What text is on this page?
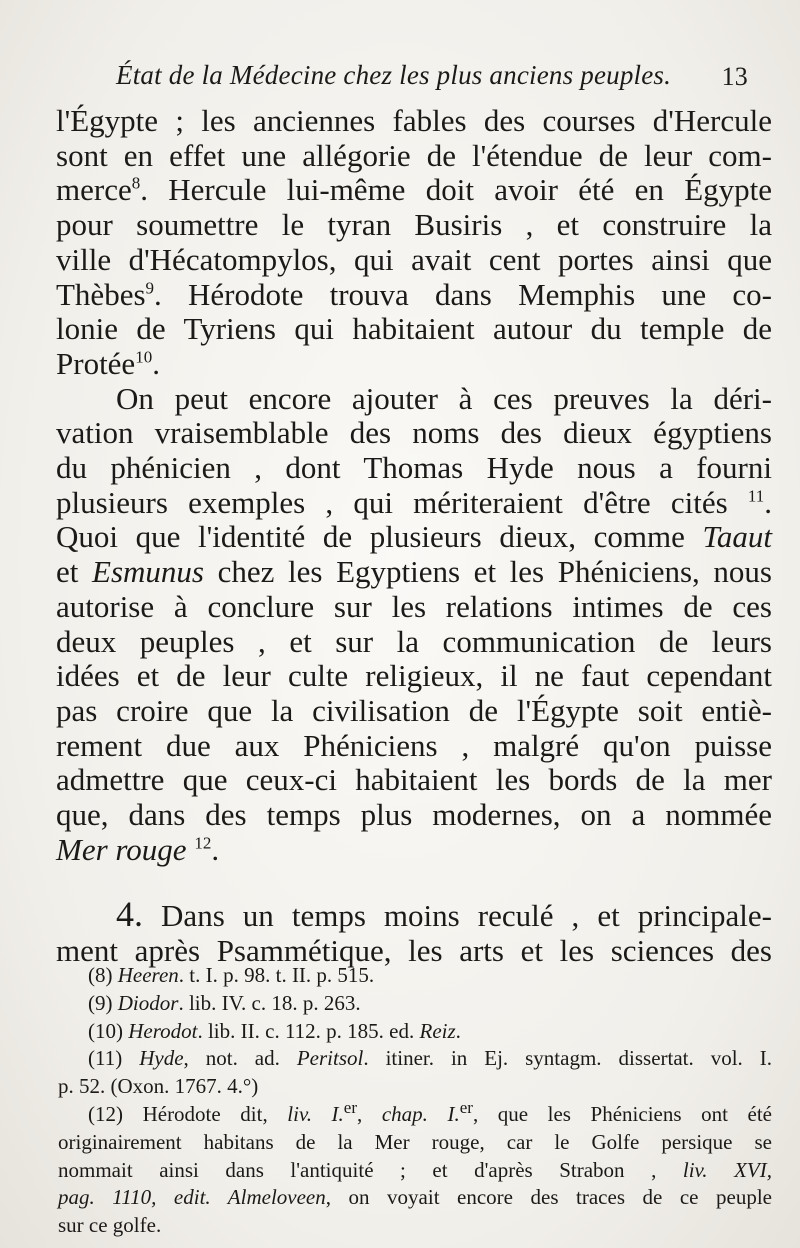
État de la Médecine chez les plus anciens peuples. 13
l'Égypte ; les anciennes fables des courses d'Hercule
sont en effet une allégorie de l'étendue de leur com-
merce$^8$. Hercule lui-même doit avoir été en Égypte
pour soumettre le tyran Busiris , et construire la
ville d'Hécatompylos, qui avait cent portes ainsi que
Thèbes$^9$. Hérodote trouva dans Memphis une co-
lonie de Tyriens qui habitaient autour du temple de
Protée$^{10}$.
On peut encore ajouter à ces preuves la déri-
vation vraisemblable des noms des dieux égyptiens
du phénicien , dont Thomas Hyde nous a fourni
plusieurs exemples , qui mériteraient d'être cités $^{11}$.
Quoi que l'identité de plusieurs dieux, comme Taaut
et Esmunus chez les Egyptiens et les Phéniciens, nous
autorise à conclure sur les relations intimes de ces
deux peuples , et sur la communication de leurs
idées et de leur culte religieux, il ne faut cependant
pas croire que la civilisation de l'Égypte soit entiè-
rement due aux Phéniciens , malgré qu'on puisse
admettre que ceux-ci habitaient les bords de la mer
que, dans des temps plus modernes, on a nommée
Mer rouge $^{12}$.
4. Dans un temps moins reculé , et principale-
ment après Psammétique, les arts et les sciences des
(8) Heeren. t. I. p. 98. t. II. p. 515.
(9) Diodor. lib. IV. c. 18. p. 263.
(10) Herodot. lib. II. c. 112. p. 185. ed. Reiz.
(11) Hyde, not. ad. Peritsol. itiner. in Ej. syntagm. dissertat. vol. I.
p. 52. (Oxon. 1767. 4.°)
(12) Hérodote dit, liv. I.$^{er}$, chap. I.$^{er}$, que les Phéniciens ont été
originairement habitans de la Mer rouge, car le Golfe persique se
nommait ainsi dans l'antiquité ; et d'après Strabon , liv. XVI,
pag. 1110, edit. Almeloveen, on voyait encore des traces de ce peuple
sur ce golfe.
